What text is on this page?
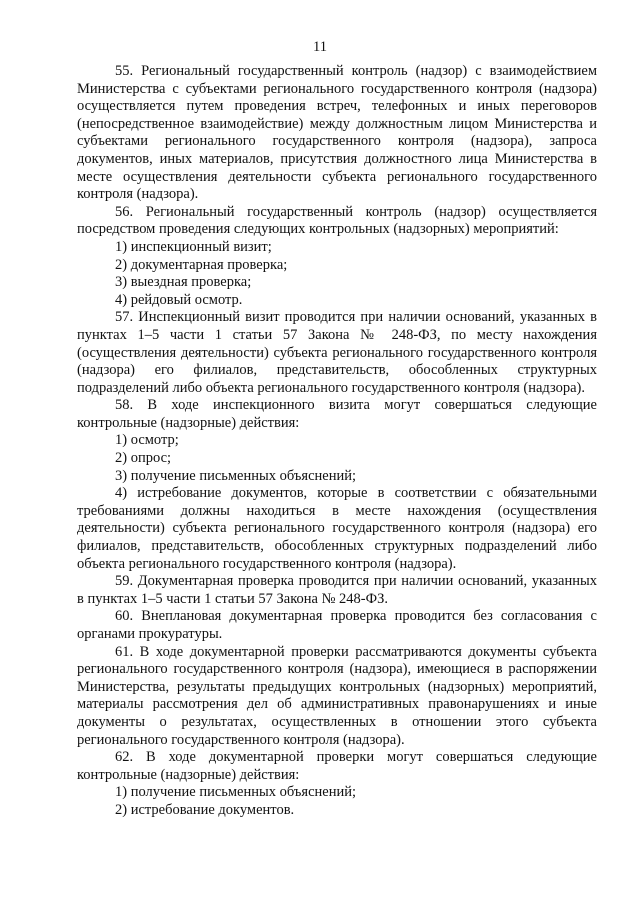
11

55. Региональный государственный контроль (надзор) с взаимодействием Министерства с субъектами регионального государственного контроля (надзора) осуществляется путем проведения встреч, телефонных и иных переговоров (непосредственное взаимодействие) между должностным лицом Министерства и субъектами регионального государственного контроля (надзора), запроса документов, иных материалов, присутствия должностного лица Министерства в месте осуществления деятельности субъекта регионального государственного контроля (надзора).

56. Региональный государственный контроль (надзор) осуществляется посредством проведения следующих контрольных (надзорных) мероприятий:

1) инспекционный визит;

2) документарная проверка;

3) выездная проверка;

4) рейдовый осмотр.

57. Инспекционный визит проводится при наличии оснований, указанных в пунктах 1–5 части 1 статьи 57 Закона № 248-ФЗ, по месту нахождения (осуществления деятельности) субъекта регионального государственного контроля (надзора) его филиалов, представительств, обособленных структурных подразделений либо объекта регионального государственного контроля (надзора).

58. В ходе инспекционного визита могут совершаться следующие контрольные (надзорные) действия:

1) осмотр;

2) опрос;

3) получение письменных объяснений;

4) истребование документов, которые в соответствии с обязательными требованиями должны находиться в месте нахождения (осуществления деятельности) субъекта регионального государственного контроля (надзора) его филиалов, представительств, обособленных структурных подразделений либо объекта регионального государственного контроля (надзора).

59. Документарная проверка проводится при наличии оснований, указанных в пунктах 1–5 части 1 статьи 57 Закона № 248-ФЗ.

60. Внеплановая документарная проверка проводится без согласования с органами прокуратуры.

61. В ходе документарной проверки рассматриваются документы субъекта регионального государственного контроля (надзора), имеющиеся в распоряжении Министерства, результаты предыдущих контрольных (надзорных) мероприятий, материалы рассмотрения дел об административных правонарушениях и иные документы о результатах, осуществленных в отношении этого субъекта регионального государственного контроля (надзора).

62. В ходе документарной проверки могут совершаться следующие контрольные (надзорные) действия:

1) получение письменных объяснений;

2) истребование документов.
